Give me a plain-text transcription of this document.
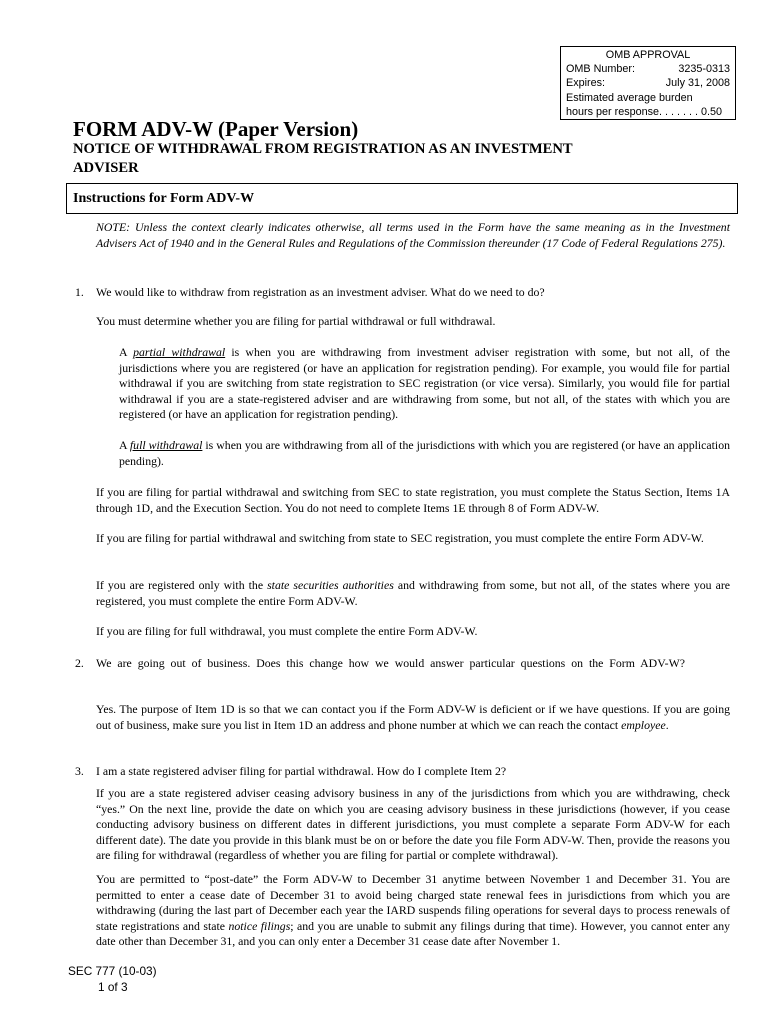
OMB APPROVAL
OMB Number:	3235-0313
Expires:	July 31, 2008
Estimated average burden
hours per response. . . . . . . 0.50
FORM ADV-W (Paper Version)
NOTICE OF WITHDRAWAL FROM REGISTRATION AS AN INVESTMENT ADVISER
Instructions for Form ADV-W
NOTE: Unless the context clearly indicates otherwise, all terms used in the Form have the same meaning as in the Investment Advisers Act of 1940 and in the General Rules and Regulations of the Commission thereunder (17 Code of Federal Regulations 275).
1. We would like to withdraw from registration as an investment adviser. What do we need to do?
You must determine whether you are filing for partial withdrawal or full withdrawal.
A partial withdrawal is when you are withdrawing from investment adviser registration with some, but not all, of the jurisdictions where you are registered (or have an application for registration pending). For example, you would file for partial withdrawal if you are switching from state registration to SEC registration (or vice versa). Similarly, you would file for partial withdrawal if you are a state-registered adviser and are withdrawing from some, but not all, of the states with which you are registered (or have an application for registration pending).
A full withdrawal is when you are withdrawing from all of the jurisdictions with which you are registered (or have an application pending).
If you are filing for partial withdrawal and switching from SEC to state registration, you must complete the Status Section, Items 1A through 1D, and the Execution Section. You do not need to complete Items 1E through 8 of Form ADV-W.
If you are filing for partial withdrawal and switching from state to SEC registration, you must complete the entire Form ADV-W.
If you are registered only with the state securities authorities and withdrawing from some, but not all, of the states where you are registered, you must complete the entire Form ADV-W.
If you are filing for full withdrawal, you must complete the entire Form ADV-W.
2. We are going out of business. Does this change how we would answer particular questions on the Form ADV-W?
Yes. The purpose of Item 1D is so that we can contact you if the Form ADV-W is deficient or if we have questions. If you are going out of business, make sure you list in Item 1D an address and phone number at which we can reach the contact employee.
3. I am a state registered adviser filing for partial withdrawal. How do I complete Item 2?
If you are a state registered adviser ceasing advisory business in any of the jurisdictions from which you are withdrawing, check “yes.” On the next line, provide the date on which you are ceasing advisory business in these jurisdictions (however, if you cease conducting advisory business on different dates in different jurisdictions, you must complete a separate Form ADV-W for each different date). The date you provide in this blank must be on or before the date you file Form ADV-W. Then, provide the reasons you are filing for withdrawal (regardless of whether you are filing for partial or complete withdrawal).
You are permitted to “post-date” the Form ADV-W to December 31 anytime between November 1 and December 31. You are permitted to enter a cease date of December 31 to avoid being charged state renewal fees in jurisdictions from which you are withdrawing (during the last part of December each year the IARD suspends filing operations for several days to process renewals of state registrations and state notice filings; and you are unable to submit any filings during that time). However, you cannot enter any date other than December 31, and you can only enter a December 31 cease date after November 1.
SEC 777 (10-03)
1 of 3
